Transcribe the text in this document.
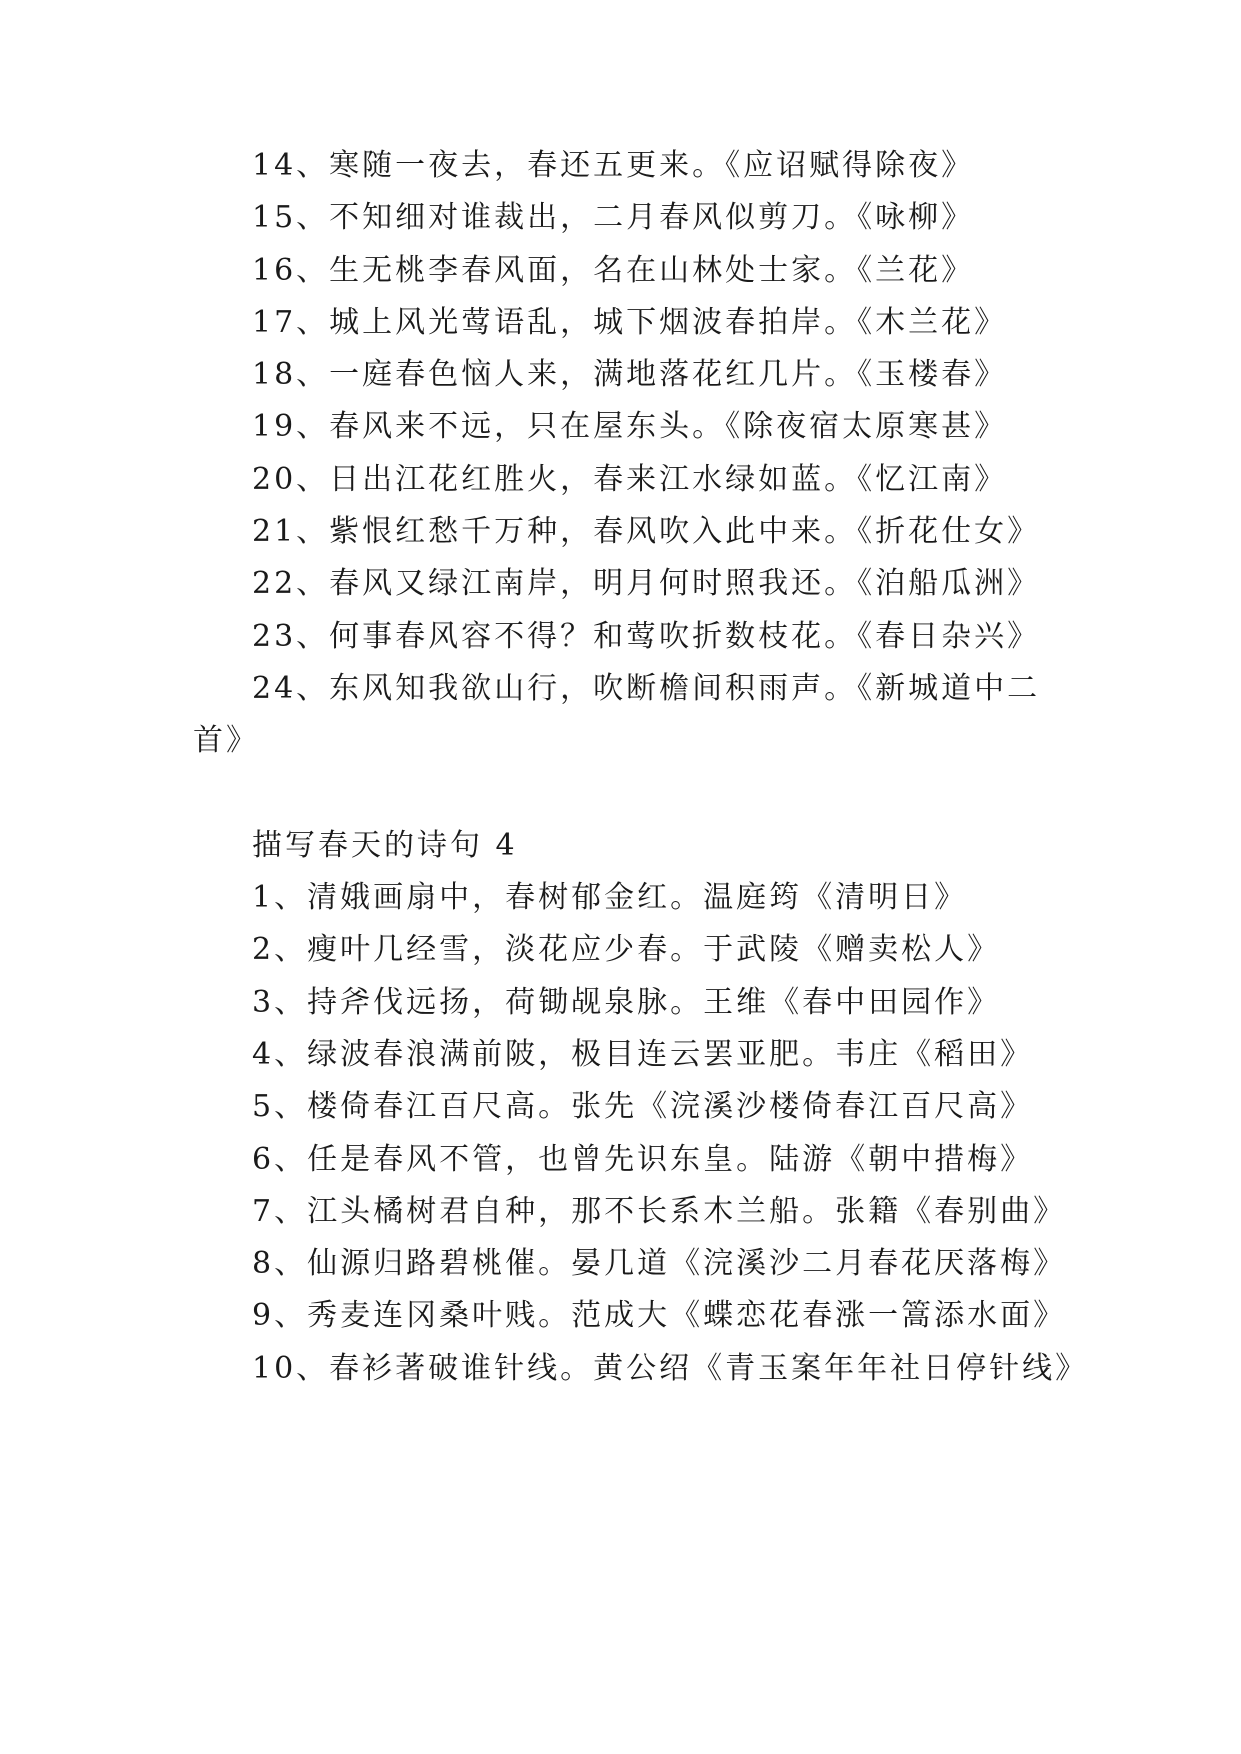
14、寒随一夜去，春还五更来。《应诏赋得除夜》
15、不知细对谁裁出，二月春风似剪刀。《咏柳》
16、生无桃李春风面，名在山林处士家。《兰花》
17、城上风光莺语乱，城下烟波春拍岸。《木兰花》
18、一庭春色恼人来，满地落花红几片。《玉楼春》
19、春风来不远，只在屋东头。《除夜宿太原寒甚》
20、日出江花红胜火，春来江水绿如蓝。《忆江南》
21、紫恨红愁千万种，春风吹入此中来。《折花仕女》
22、春风又绿江南岸，明月何时照我还。《泊船瓜洲》
23、何事春风容不得？和莺吹折数枝花。《春日杂兴》
24、东风知我欲山行，吹断檐间积雨声。《新城道中二
首》
描写春天的诗句 4
1、清娥画扇中，春树郁金红。温庭筠《清明日》
2、瘦叶几经雪，淡花应少春。于武陵《赠卖松人》
3、持斧伐远扬，荷锄觇泉脉。王维《春中田园作》
4、绿波春浪满前陂，极目连云罢亚肥。韦庄《稻田》
5、楼倚春江百尺高。张先《浣溪沙楼倚春江百尺高》
6、任是春风不管，也曾先识东皇。陆游《朝中措梅》
7、江头橘树君自种，那不长系木兰船。张籍《春别曲》
8、仙源归路碧桃催。晏几道《浣溪沙二月春花厌落梅》
9、秀麦连冈桑叶贱。范成大《蝶恋花春涨一篙添水面》
10、春衫著破谁针线。黄公绍《青玉案年年社日停针线》
